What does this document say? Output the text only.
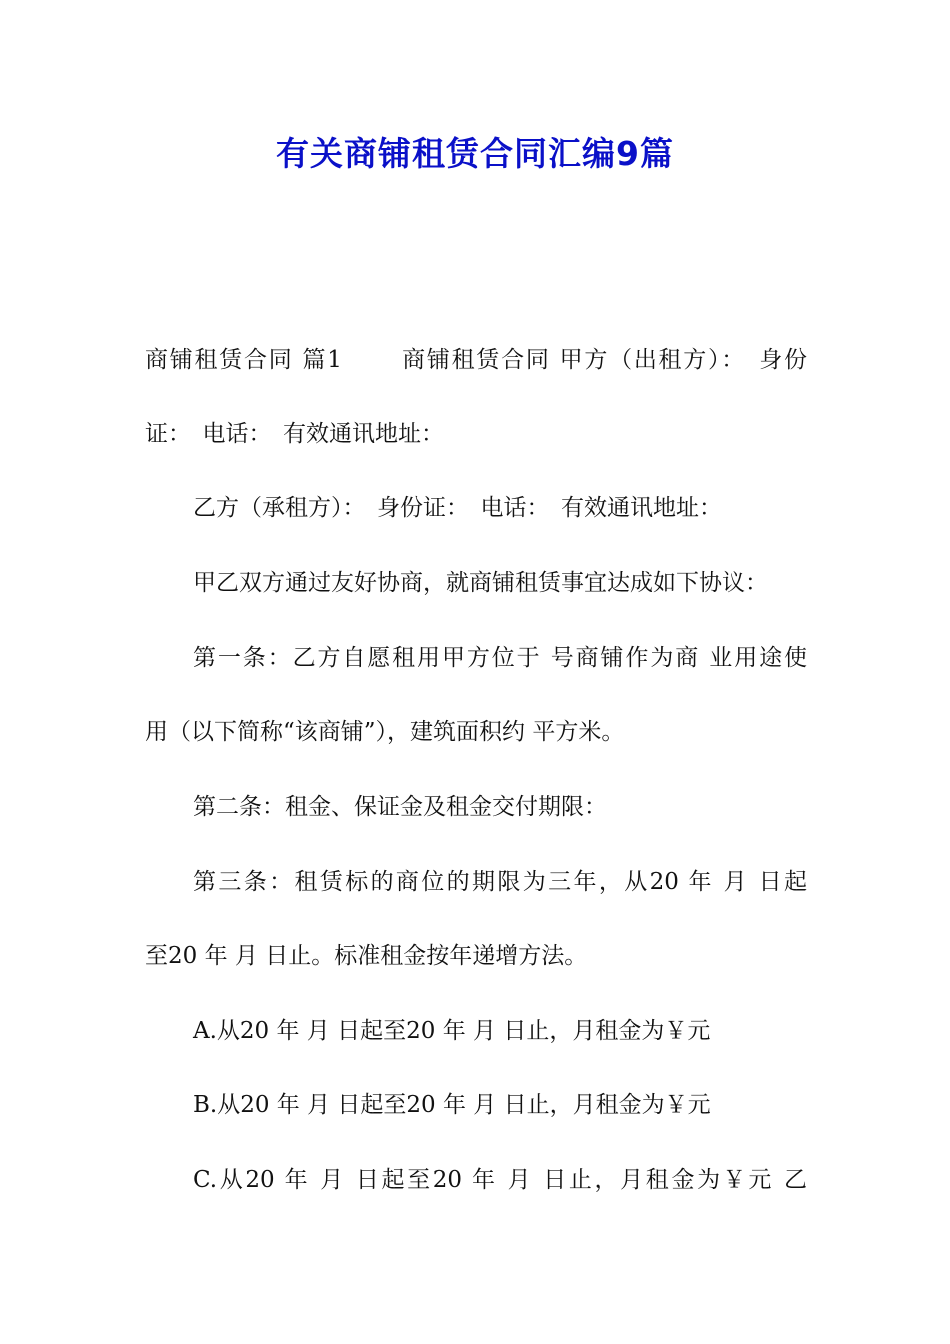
有关商铺租赁合同汇编9篇

商铺租赁合同 篇1　　 商铺租赁合同 甲方（出租方）：　身份

证：　电话：　有效通讯地址：

乙方（承租方）：　身份证：　电话：　有效通讯地址：

甲乙双方通过友好协商，就商铺租赁事宜达成如下协议：

第一条：乙方自愿租用甲方位于 号商铺作为商 业用途使

用（以下简称“该商铺”），建筑面积约 平方米。

第二条：租金、保证金及租金交付期限：

第三条：租赁标的商位的期限为三年，从20 年 月 日起

至20 年 月 日止。标准租金按年递增方法。

A.从20 年 月 日起至20 年 月 日止，月租金为￥元

B.从20 年 月 日起至20 年 月 日止，月租金为￥元

C.从20 年 月 日起至20 年 月 日止，月租金为￥元 乙
